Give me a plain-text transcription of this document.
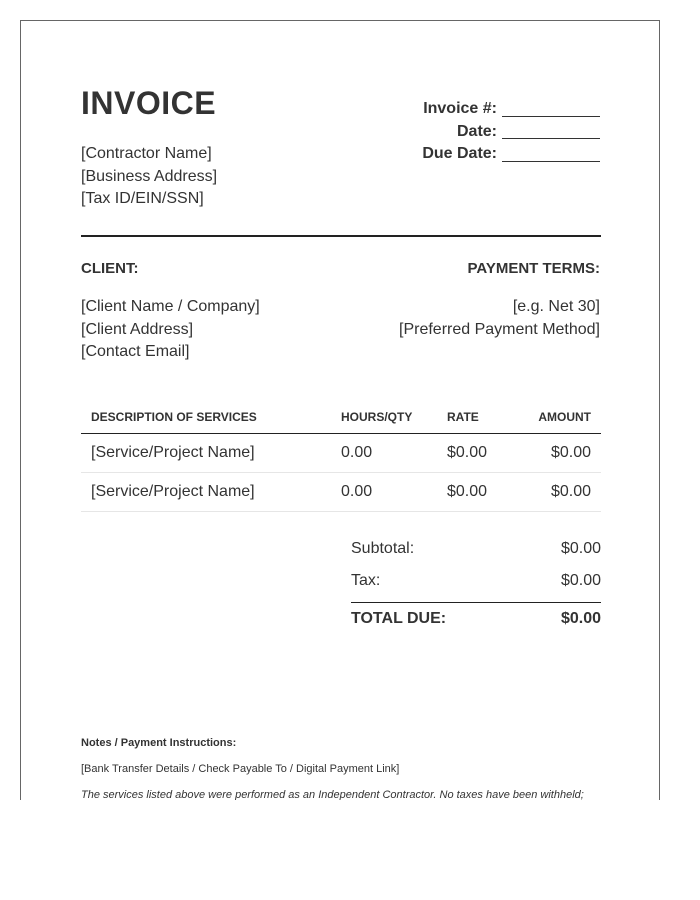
INVOICE
[Contractor Name]
[Business Address]
[Tax ID/EIN/SSN]
Invoice #:
Date:
Due Date:
CLIENT:	PAYMENT TERMS:
[Client Name / Company]
[Client Address]
[Contact Email]
[e.g. Net 30]
[Preferred Payment Method]
DESCRIPTION OF SERVICES	HOURS/QTY	RATE	AMOUNT
[Service/Project Name]	0.00	$0.00	$0.00
[Service/Project Name]	0.00	$0.00	$0.00
Subtotal:	$0.00
Tax:	$0.00
TOTAL DUE:	$0.00
Notes / Payment Instructions:
[Bank Transfer Details / Check Payable To / Digital Payment Link]
The services listed above were performed as an Independent Contractor. No taxes have been withheld;
